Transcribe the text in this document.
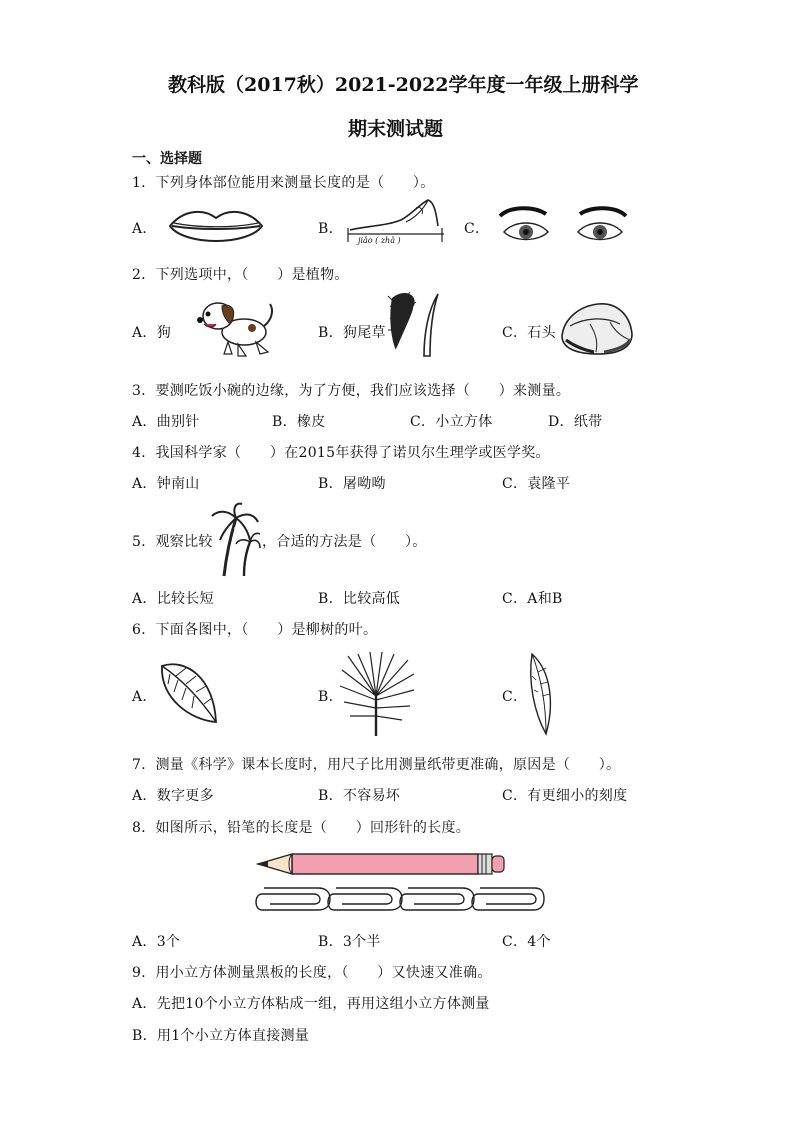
教科版（2017秋）2021-2022学年度一年级上册科学
期末测试题
一、选择题
1．下列身体部位能用来测量长度的是（　　）。
A．	B．
jiǎo ( zhǎ )
C．
2．下列选项中，（　　）是植物。
A．狗	B．狗尾草	C．石头
3．要测吃饭小碗的边缘，为了方便，我们应该选择（　　）来测量。
A．曲别针	B．橡皮	C．小立方体	D．纸带
4．我国科学家（　　）在2015年获得了诺贝尔生理学或医学奖。
A．钟南山	B．屠呦呦	C．袁隆平
5．观察比较	，合适的方法是（　　）。
A．比较长短	B．比较高低	C．A和B
6．下面各图中，（　　）是柳树的叶。
A．	B．	C．
7．测量《科学》课本长度时，用尺子比用测量纸带更准确，原因是（　　）。
A．数字更多	B．不容易坏	C．有更细小的刻度
8．如图所示，铅笔的长度是（　　）回形针的长度。
A．3个	B．3个半	C．4个
9．用小立方体测量黑板的长度，（　　）又快速又准确。
A．先把10个小立方体粘成一组，再用这组小立方体测量
B．用1个小立方体直接测量
